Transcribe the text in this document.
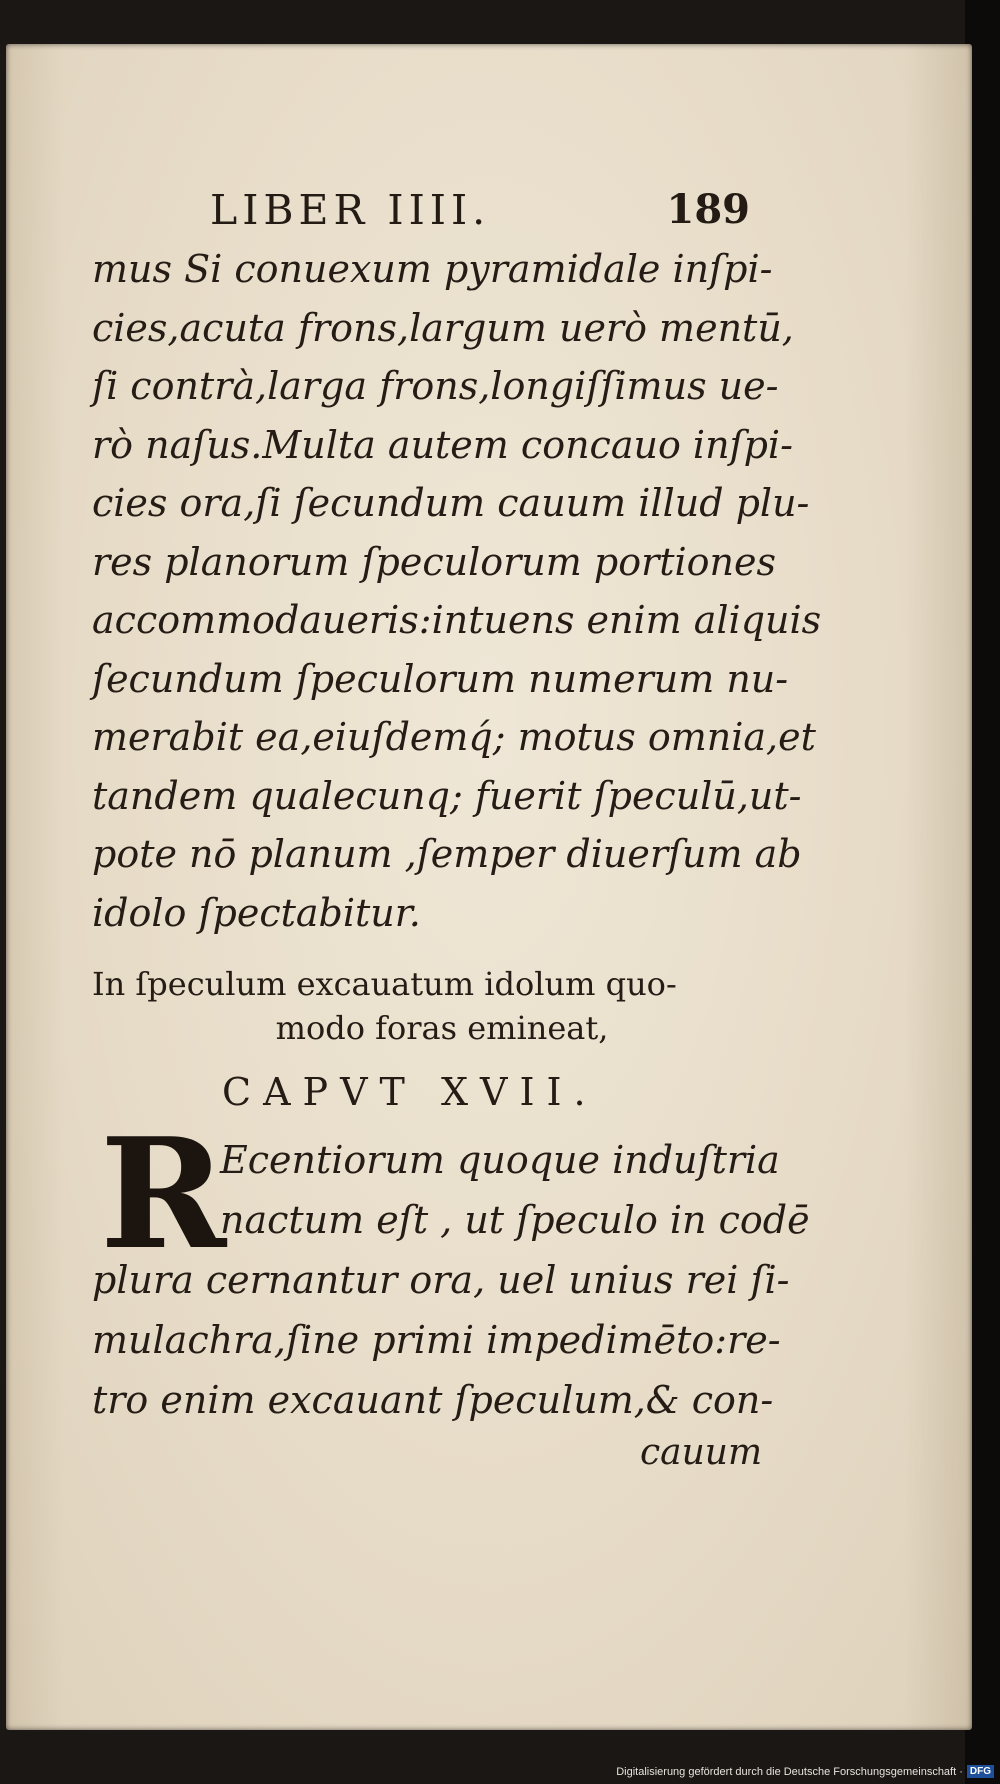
LIBER IIII.	189
mus Si conuexum pyramidale inſpi-
cies,acuta frons,largum uerò mentū,
ſi contrà,larga frons,longiſſimus ue-
rò naſus.Multa autem concauo inſpi-
cies ora,ſi ſecundum cauum illud plu-
res planorum ſpeculorum portiones
accommodaueris:intuens enim aliquis
ſecundum ſpeculorum numerum nu-
merabit ea,eiuſdemq́; motus omnia,et
tandem qualecunq; fuerit ſpeculū,ut-
pote nō planum ,ſemper diuerſum ab
idolo ſpectabitur.
In ſpeculum excauatum idolum quo-
modo foras emineat,
CAPVT XVII.
R
Ecentiorum quoque induſtria
nactum eſt , ut ſpeculo in codē
plura cernantur ora, uel unius rei ſi-
mulachra,ſine primi impedimēto:re-
tro enim excauant ſpeculum,& con-
cauum
Digitalisierung gefördert durch die Deutsche Forschungsgemeinschaft · DFG
